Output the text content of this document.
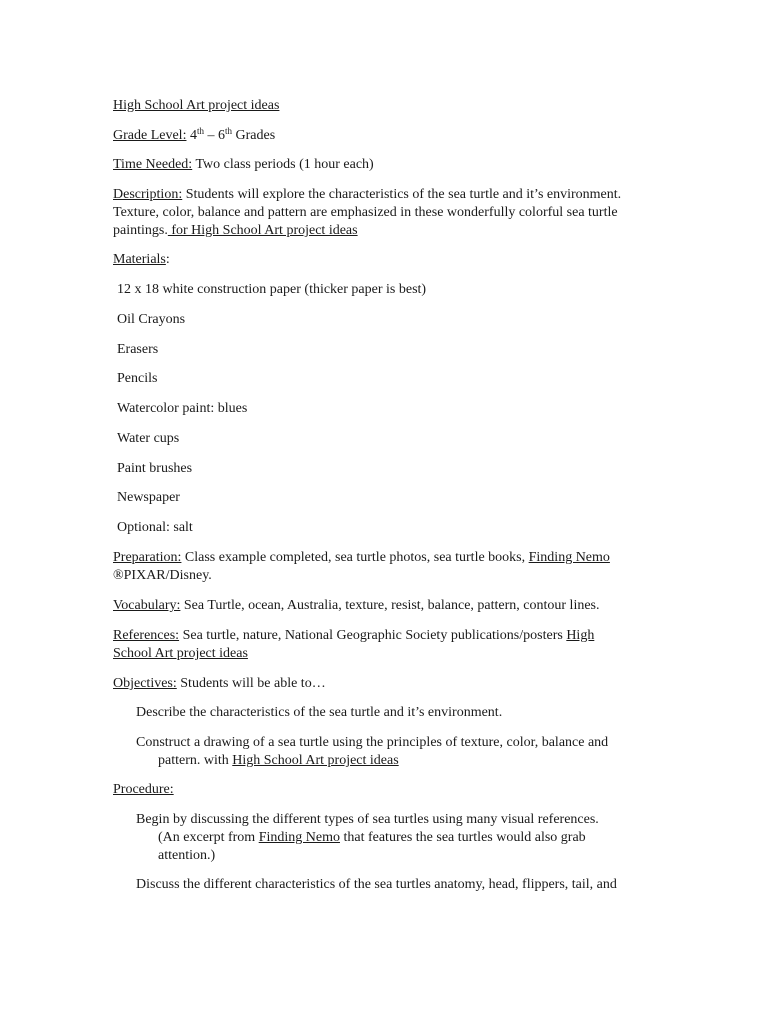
High School Art project ideas
Grade Level: 4th – 6th Grades
Time Needed: Two class periods (1 hour each)
Description: Students will explore the characteristics of the sea turtle and it’s environment. Texture, color, balance and pattern are emphasized in these wonderfully colorful sea turtle paintings. for High School Art project ideas
Materials:
12 x 18 white construction paper (thicker paper is best)
Oil Crayons
Erasers
Pencils
Watercolor paint: blues
Water cups
Paint brushes
Newspaper
Optional: salt
Preparation: Class example completed, sea turtle photos, sea turtle books, Finding Nemo
®PIXAR/Disney.
Vocabulary: Sea Turtle, ocean, Australia, texture, resist, balance, pattern, contour lines.
References: Sea turtle, nature, National Geographic Society publications/posters High
School Art project ideas
Objectives: Students will be able to…
Describe the characteristics of the sea turtle and it’s environment.
Construct a drawing of a sea turtle using the principles of texture, color, balance and
pattern. with High School Art project ideas
Procedure:
Begin by discussing the different types of sea turtles using many visual references.
(An excerpt from Finding Nemo that features the sea turtles would also grab
attention.)
Discuss the different characteristics of the sea turtles anatomy, head, flippers, tail, and
